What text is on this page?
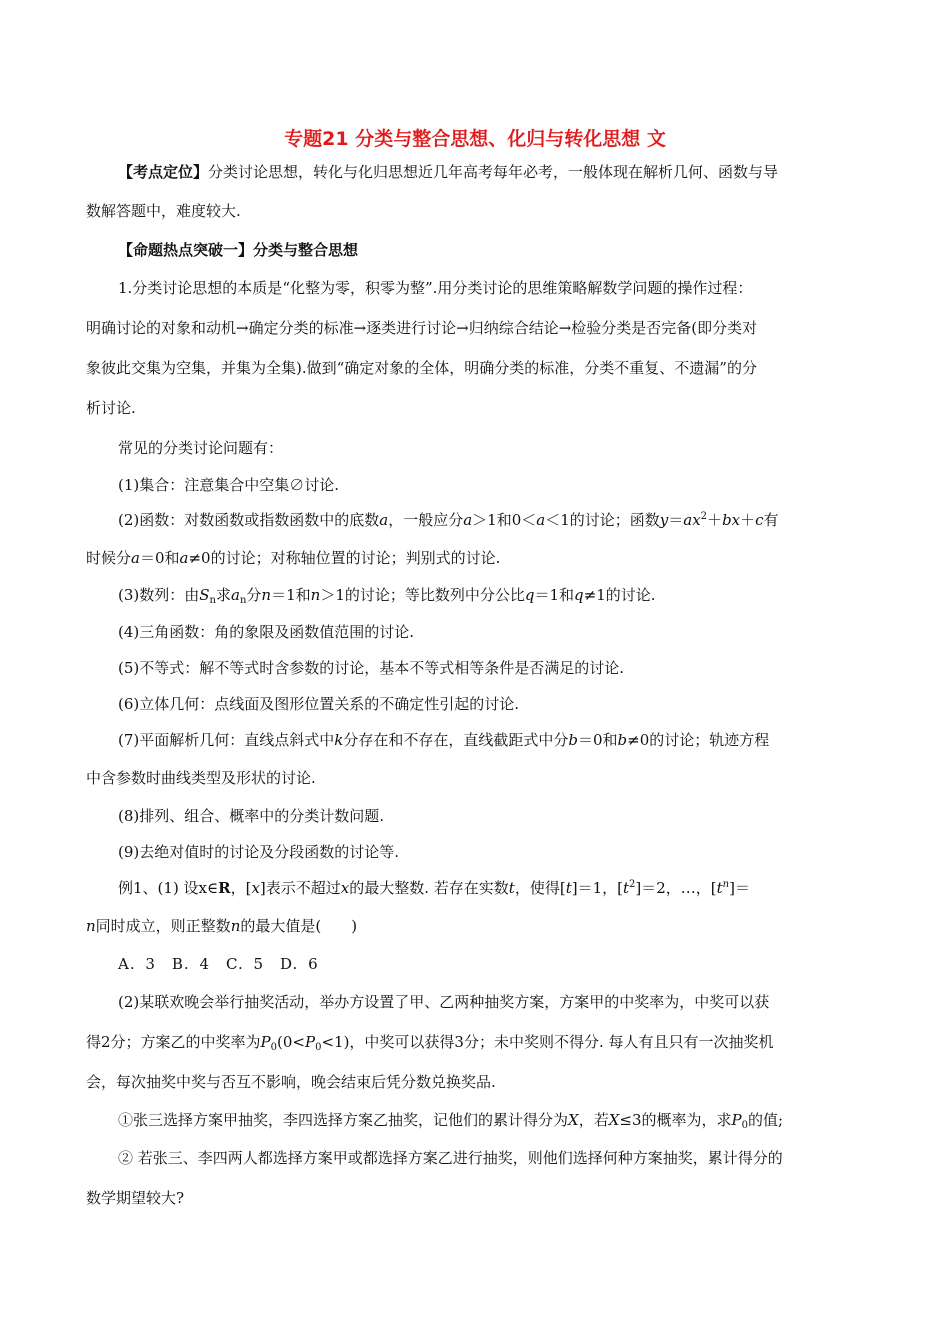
专题21 分类与整合思想、化归与转化思想 文
【考点定位】分类讨论思想，转化与化归思想近几年高考每年必考，一般体现在解析几何、函数与导
数解答题中，难度较大.
【命题热点突破一】分类与整合思想
1.分类讨论思想的本质是“化整为零，积零为整”.用分类讨论的思维策略解数学问题的操作过程：
明确讨论的对象和动机→确定分类的标准→逐类进行讨论→归纳综合结论→检验分类是否完备(即分类对
象彼此交集为空集，并集为全集).做到“确定对象的全体，明确分类的标准，分类不重复、不遗漏”的分
析讨论.
常见的分类讨论问题有：
(1)集合：注意集合中空集∅讨论.
(2)函数：对数函数或指数函数中的底数a，一般应分a＞1和0＜a＜1的讨论；函数$y=ax^2+bx+c$有
时候分a＝0和a≠0的讨论；对称轴位置的讨论；判别式的讨论.
(3)数列：由$S_n$求$a_n$分n＝1和n＞1的讨论；等比数列中分公比q＝1和q≠1的讨论.
(4)三角函数：角的象限及函数值范围的讨论.
(5)不等式：解不等式时含参数的讨论，基本不等式相等条件是否满足的讨论.
(6)立体几何：点线面及图形位置关系的不确定性引起的讨论.
(7)平面解析几何：直线点斜式中k分存在和不存在，直线截距式中分b＝0和b≠0的讨论；轨迹方程
中含参数时曲线类型及形状的讨论.
(8)排列、组合、概率中的分类计数问题.
(9)去绝对值时的讨论及分段函数的讨论等.
例1、(1) 设x∈R，[x]表示不超过x的最大整数. 若存在实数t，使得[t]＝1，$[t^2]=2$，…，$[t^n]=$
n同时成立，则正整数n的最大值是(　　)
A. 3　B. 4　C. 5　D. 6
(2)某联欢晚会举行抽奖活动，举办方设置了甲、乙两种抽奖方案，方案甲的中奖率为，中奖可以获
得2分；方案乙的中奖率为$P_0(0<P_0<1)$，中奖可以获得3分；未中奖则不得分. 每人有且只有一次抽奖机
会，每次抽奖中奖与否互不影响，晚会结束后凭分数兑换奖品.
①张三选择方案甲抽奖，李四选择方案乙抽奖，记他们的累计得分为X，若X≤3的概率为，求$P_0$的值;
② 若张三、李四两人都选择方案甲或都选择方案乙进行抽奖，则他们选择何种方案抽奖，累计得分的
数学期望较大?
